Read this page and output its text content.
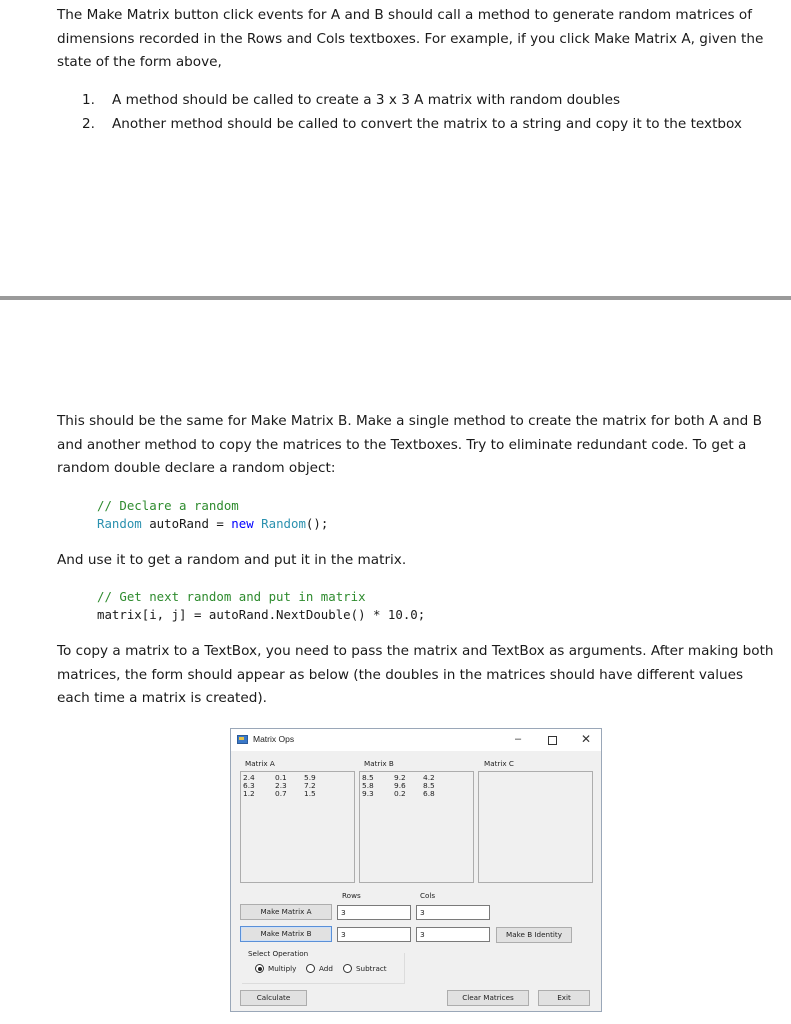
The Make Matrix button click events for A and B should call a method to generate random matrices of dimensions recorded in the Rows and Cols textboxes. For example, if you click Make Matrix A, given the state of the form above,

1.	A method should be called to create a 3 x 3 A matrix with random doubles
2.	Another method should be called to convert the matrix to a string and copy it to the textbox

This should be the same for Make Matrix B. Make a single method to create the matrix for both A and B and another method to copy the matrices to the Textboxes. Try to eliminate redundant code. To get a random double declare a random object:

// Declare a random
Random autoRand = new Random();

And use it to get a random and put it in the matrix.

// Get next random and put in matrix
matrix[i, j] = autoRand.NextDouble() * 10.0;

To copy a matrix to a TextBox, you need to pass the matrix and TextBox as arguments. After making both matrices, the form should appear as below (the doubles in the matrices should have different values each time a matrix is created).

Matrix Ops	–	✕
Matrix A	Matrix B	Matrix C
2.4	0.1	5.9
6.3	2.3	7.2
1.2	0.7	1.5
8.5	9.2	4.2
5.8	9.6	8.5
9.3	0.2	6.8
Rows	Cols
Make Matrix A	3	3
Make Matrix B	3	3	Make B Identity
Select Operation
Multiply	Add	Subtract
Calculate	Clear Matrices	Exit
